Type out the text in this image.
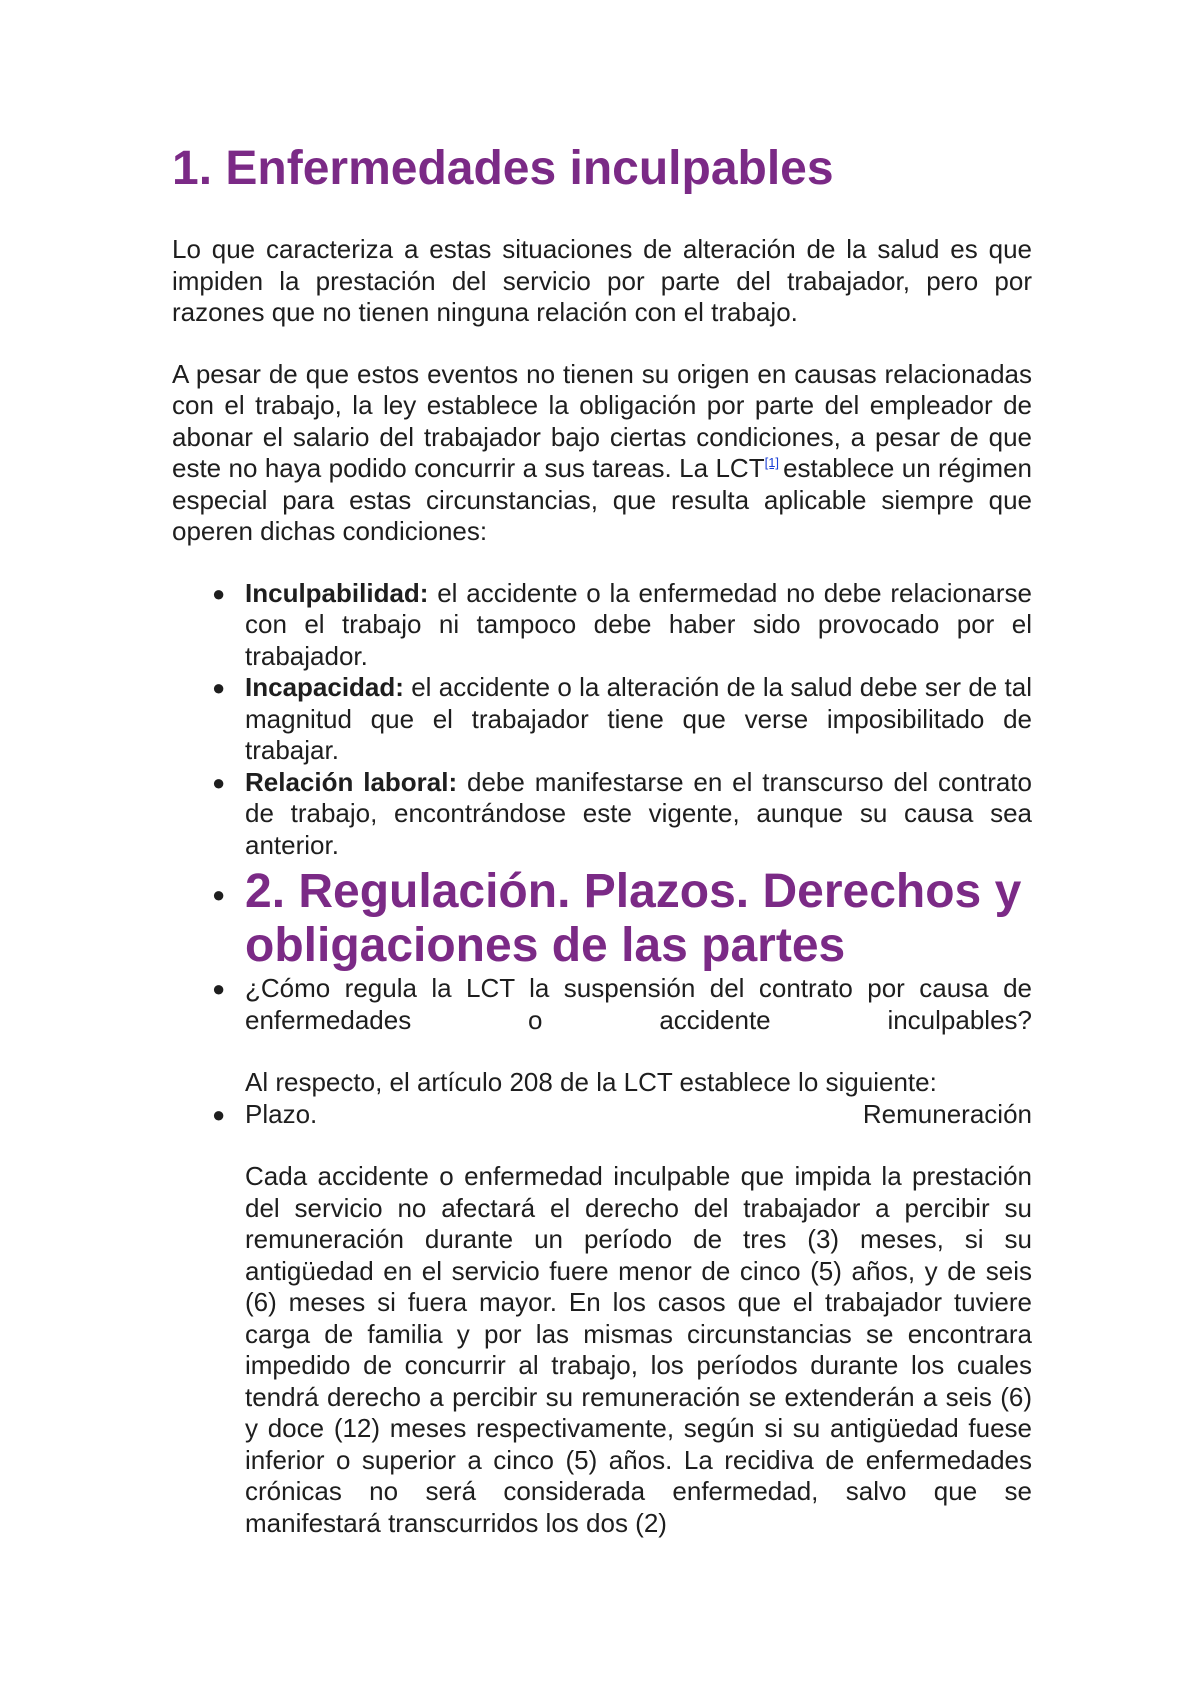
1. Enfermedades inculpables

Lo que caracteriza a estas situaciones de alteración de la salud es que impiden la prestación del servicio por parte del trabajador, pero por razones que no tienen ninguna relación con el trabajo.

A pesar de que estos eventos no tienen su origen en causas relacionadas con el trabajo, la ley establece la obligación por parte del empleador de abonar el salario del trabajador bajo ciertas condiciones, a pesar de que este no haya podido concurrir a sus tareas. La LCT[1] establece un régimen especial para estas circunstancias, que resulta aplicable siempre que operen dichas condiciones:

● Inculpabilidad: el accidente o la enfermedad no debe relacionarse con el trabajo ni tampoco debe haber sido provocado por el trabajador.
● Incapacidad: el accidente o la alteración de la salud debe ser de tal magnitud que el trabajador tiene que verse imposibilitado de trabajar.
● Relación laboral: debe manifestarse en el transcurso del contrato de trabajo, encontrándose este vigente, aunque su causa sea anterior.
● 2. Regulación. Plazos. Derechos y obligaciones de las partes
● ¿Cómo regula la LCT la suspensión del contrato por causa de enfermedades o accidente inculpables?
Al respecto, el artículo 208 de la LCT establece lo siguiente:
● Plazo.	Remuneración
Cada accidente o enfermedad inculpable que impida la prestación del servicio no afectará el derecho del trabajador a percibir su remuneración durante un período de tres (3) meses, si su antigüedad en el servicio fuere menor de cinco (5) años, y de seis (6) meses si fuera mayor. En los casos que el trabajador tuviere carga de familia y por las mismas circunstancias se encontrara impedido de concurrir al trabajo, los períodos durante los cuales tendrá derecho a percibir su remuneración se extenderán a seis (6) y doce (12) meses respectivamente, según si su antigüedad fuese inferior o superior a cinco (5) años. La recidiva de enfermedades crónicas no será considerada enfermedad, salvo que se manifestará transcurridos los dos (2)
